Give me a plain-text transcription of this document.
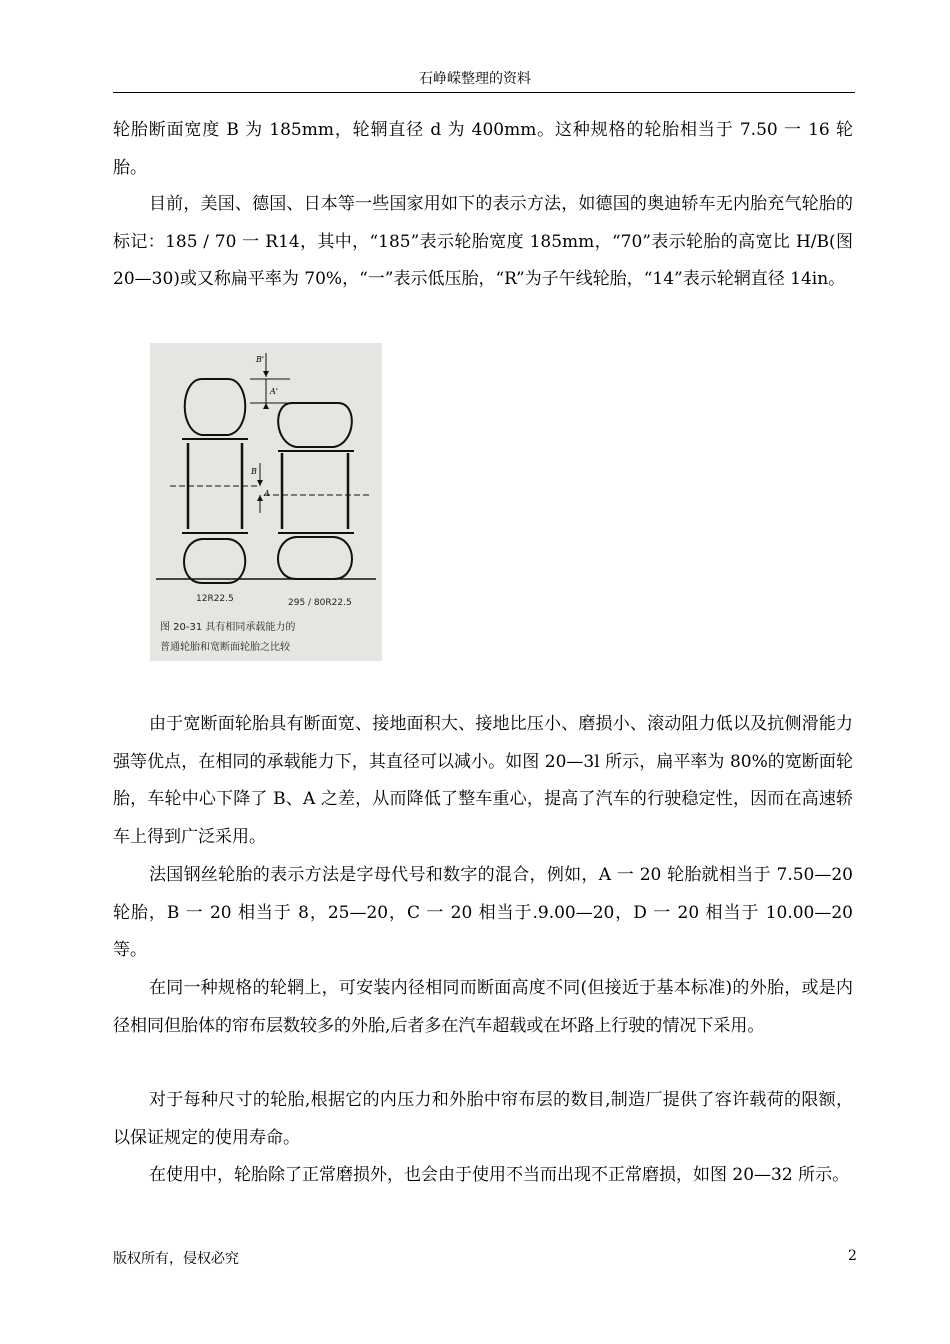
石峥嵘整理的资料

轮胎断面宽度 B 为 185mm，轮辋直径 d 为 400mm。这种规格的轮胎相当于 7.50 一 16 轮胎。

目前，美国、德国、日本等一些国家用如下的表示方法，如德国的奥迪轿车无内胎充气轮胎的标记：185 / 70 一 R14，其中，“185”表示轮胎宽度 185mm，“70”表示轮胎的高宽比 H/B(图 20—30)或又称扁平率为 70%，“一”表示低压胎，“R”为子午线轮胎，“14”表示轮辋直径 14in。

B'
A'
B
A
12R22.5	295 / 80R22.5
图 20-31 具有相同承载能力的
普通轮胎和宽断面轮胎之比较

由于宽断面轮胎具有断面宽、接地面积大、接地比压小、磨损小、滚动阻力低以及抗侧滑能力强等优点，在相同的承载能力下，其直径可以减小。如图 20—3l 所示，扁平率为 80%的宽断面轮胎，车轮中心下降了 B、A 之差，从而降低了整车重心，提高了汽车的行驶稳定性，因而在高速轿车上得到广泛采用。

法国钢丝轮胎的表示方法是字母代号和数字的混合，例如，A 一 20 轮胎就相当于 7.50—20 轮胎，B 一 20 相当于 8，25—20，C 一 20 相当于.9.00—20，D 一 20 相当于 10.00—20 等。

在同一种规格的轮辋上，可安装内径相同而断面高度不同(但接近于基本标准)的外胎，或是内径相同但胎体的帘布层数较多的外胎,后者多在汽车超载或在坏路上行驶的情况下采用。

对于每种尺寸的轮胎,根据它的内压力和外胎中帘布层的数目,制造厂提供了容许载荷的限额，以保证规定的使用寿命。

在使用中，轮胎除了正常磨损外，也会由于使用不当而出现不正常磨损，如图 20—32 所示。

版权所有，侵权必究	2
